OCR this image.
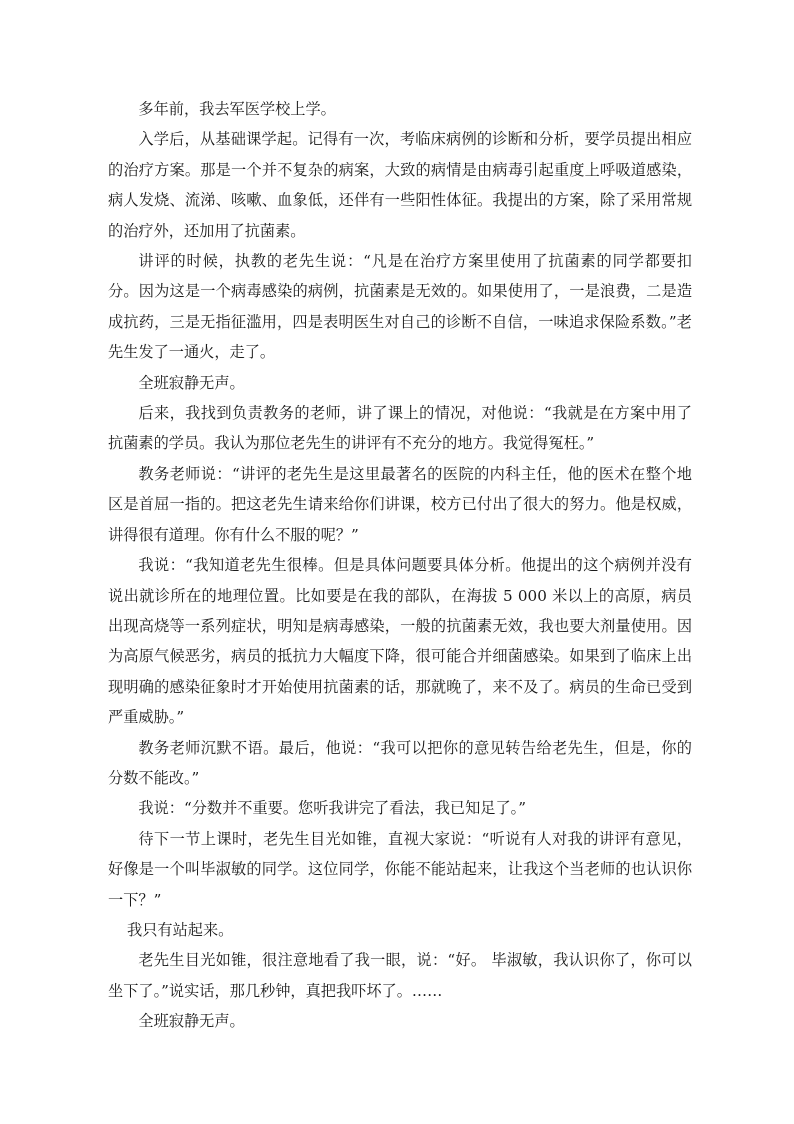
多年前，我去军医学校上学。

入学后，从基础课学起。记得有一次，考临床病例的诊断和分析，要学员提出相应的治疗方案。那是一个并不复杂的病案，大致的病情是由病毒引起重度上呼吸道感染，病人发烧、流涕、咳嗽、血象低，还伴有一些阳性体征。我提出的方案，除了采用常规的治疗外，还加用了抗菌素。

讲评的时候，执教的老先生说：“凡是在治疗方案里使用了抗菌素的同学都要扣分。因为这是一个病毒感染的病例，抗菌素是无效的。如果使用了，一是浪费，二是造成抗药，三是无指征滥用，四是表明医生对自己的诊断不自信，一味追求保险系数。”老先生发了一通火，走了。

全班寂静无声。

后来，我找到负责教务的老师，讲了课上的情况，对他说：“我就是在方案中用了抗菌素的学员。我认为那位老先生的讲评有不充分的地方。我觉得冤枉。”

教务老师说：“讲评的老先生是这里最著名的医院的内科主任，他的医术在整个地区是首屈一指的。把这老先生请来给你们讲课，校方已付出了很大的努力。他是权威，讲得很有道理。你有什么不服的呢？”

我说：“我知道老先生很棒。但是具体问题要具体分析。他提出的这个病例并没有说出就诊所在的地理位置。比如要是在我的部队，在海拔 5 000 米以上的高原，病员出现高烧等一系列症状，明知是病毒感染，一般的抗菌素无效，我也要大剂量使用。因为高原气候恶劣，病员的抵抗力大幅度下降，很可能合并细菌感染。如果到了临床上出现明确的感染征象时才开始使用抗菌素的话，那就晚了，来不及了。病员的生命已受到严重威胁。”

教务老师沉默不语。最后，他说：“我可以把你的意见转告给老先生，但是，你的分数不能改。”

我说：“分数并不重要。您听我讲完了看法，我已知足了。”

待下一节上课时，老先生目光如锥，直视大家说：“听说有人对我的讲评有意见，好像是一个叫毕淑敏的同学。这位同学，你能不能站起来，让我这个当老师的也认识你一下？”

我只有站起来。

老先生目光如锥，很注意地看了我一眼，说：“好。 毕淑敏，我认识你了，你可以坐下了。”说实话，那几秒钟，真把我吓坏了。……

全班寂静无声。
